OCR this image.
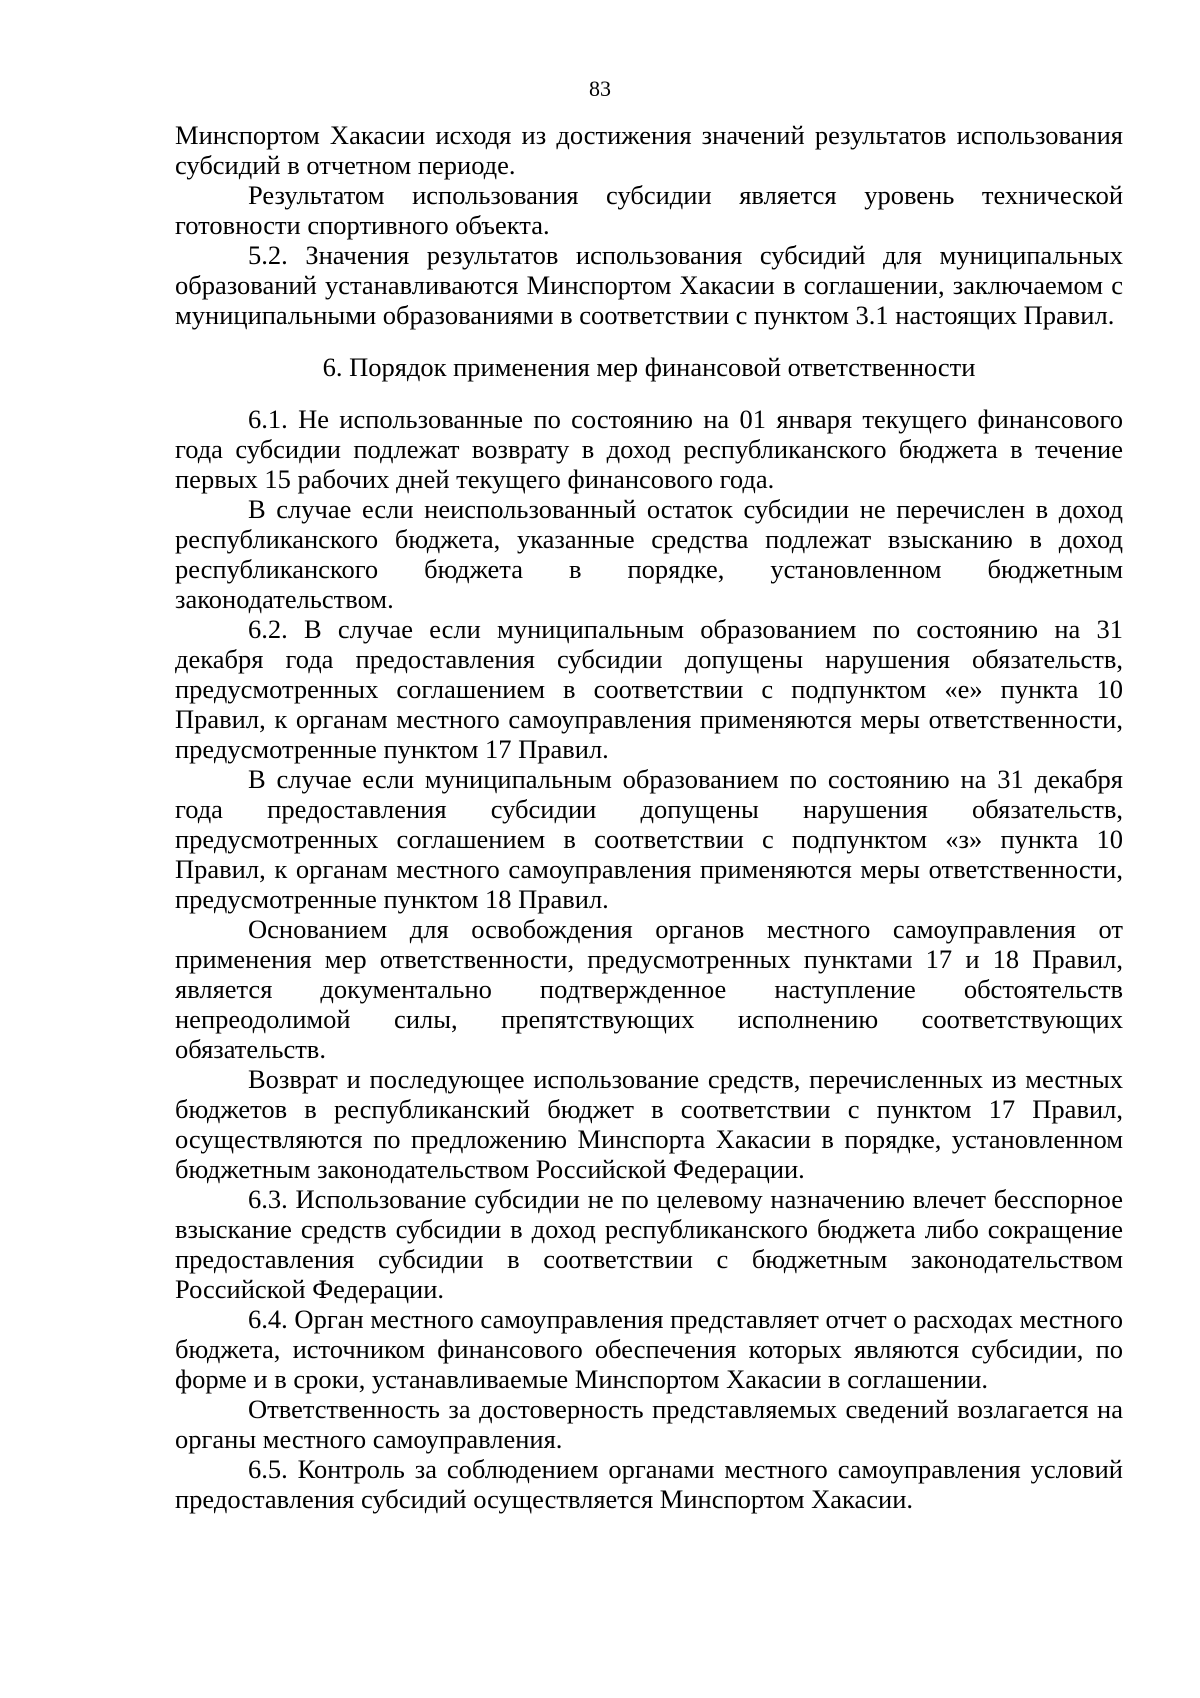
83

Минспортом Хакасии исходя из достижения значений результатов использования субсидий в отчетном периоде.

Результатом использования субсидии является уровень технической готовности спортивного объекта.

5.2. Значения результатов использования субсидий для муниципальных образований устанавливаются Минспортом Хакасии в соглашении, заключаемом с муниципальными образованиями в соответствии с пунктом 3.1 настоящих Правил.

6. Порядок применения мер финансовой ответственности

6.1. Не использованные по состоянию на 01 января текущего финансового года субсидии подлежат возврату в доход республиканского бюджета в течение первых 15 рабочих дней текущего финансового года.

В случае если неиспользованный остаток субсидии не перечислен в доход республиканского бюджета, указанные средства подлежат взысканию в доход республиканского бюджета в порядке, установленном бюджетным законодательством.

6.2. В случае если муниципальным образованием по состоянию на 31 декабря года предоставления субсидии допущены нарушения обязательств, предусмотренных соглашением в соответствии с подпунктом «е» пункта 10 Правил, к органам местного самоуправления применяются меры ответственности, предусмотренные пунктом 17 Правил.

В случае если муниципальным образованием по состоянию на 31 декабря года предоставления субсидии допущены нарушения обязательств, предусмотренных соглашением в соответствии с подпунктом «з» пункта 10 Правил, к органам местного самоуправления применяются меры ответственности, предусмотренные пунктом 18 Правил.

Основанием для освобождения органов местного самоуправления от применения мер ответственности, предусмотренных пунктами 17 и 18 Правил, является документально подтвержденное наступление обстоятельств непреодолимой силы, препятствующих исполнению соответствующих обязательств.

Возврат и последующее использование средств, перечисленных из местных бюджетов в республиканский бюджет в соответствии с пунктом 17 Правил, осуществляются по предложению Минспорта Хакасии в порядке, установленном бюджетным законодательством Российской Федерации.

6.3. Использование субсидии не по целевому назначению влечет бесспорное взыскание средств субсидии в доход республиканского бюджета либо сокращение предоставления субсидии в соответствии с бюджетным законодательством Российской Федерации.

6.4. Орган местного самоуправления представляет отчет о расходах местного бюджета, источником финансового обеспечения которых являются субсидии, по форме и в сроки, устанавливаемые Минспортом Хакасии в соглашении.

Ответственность за достоверность представляемых сведений возлагается на органы местного самоуправления.

6.5. Контроль за соблюдением органами местного самоуправления условий предоставления субсидий осуществляется Минспортом Хакасии.
